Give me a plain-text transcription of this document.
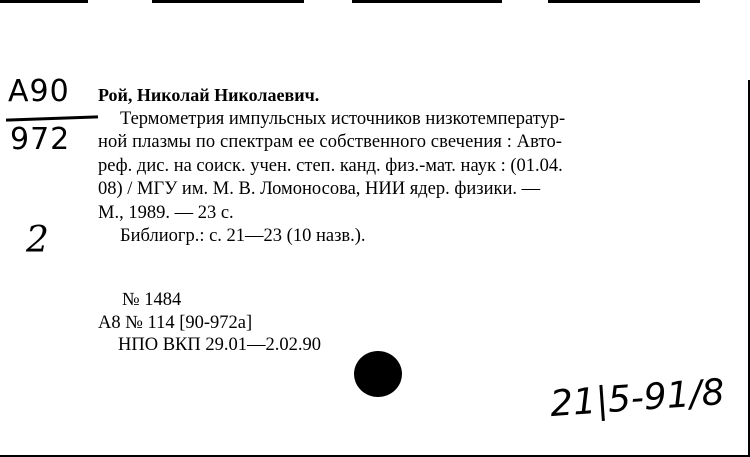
A90
972
2
Рой, Николай Николаевич.
Термометрия импульсных источников низкотемператур-
ной плазмы по спектрам ее собственного свечения : Авто-
реф. дис. на соиск. учен. степ. канд. физ.-мат. наук : (01.04.
08) / МГУ им. М. В. Ломоносова, НИИ ядер. физики. —
М., 1989. — 23 с.
Библиогр.: с. 21—23 (10 назв.).
№ 1484
А8 № 114 [90-972а]
НПО ВКП 29.01—2.02.90
21|5-91/8
